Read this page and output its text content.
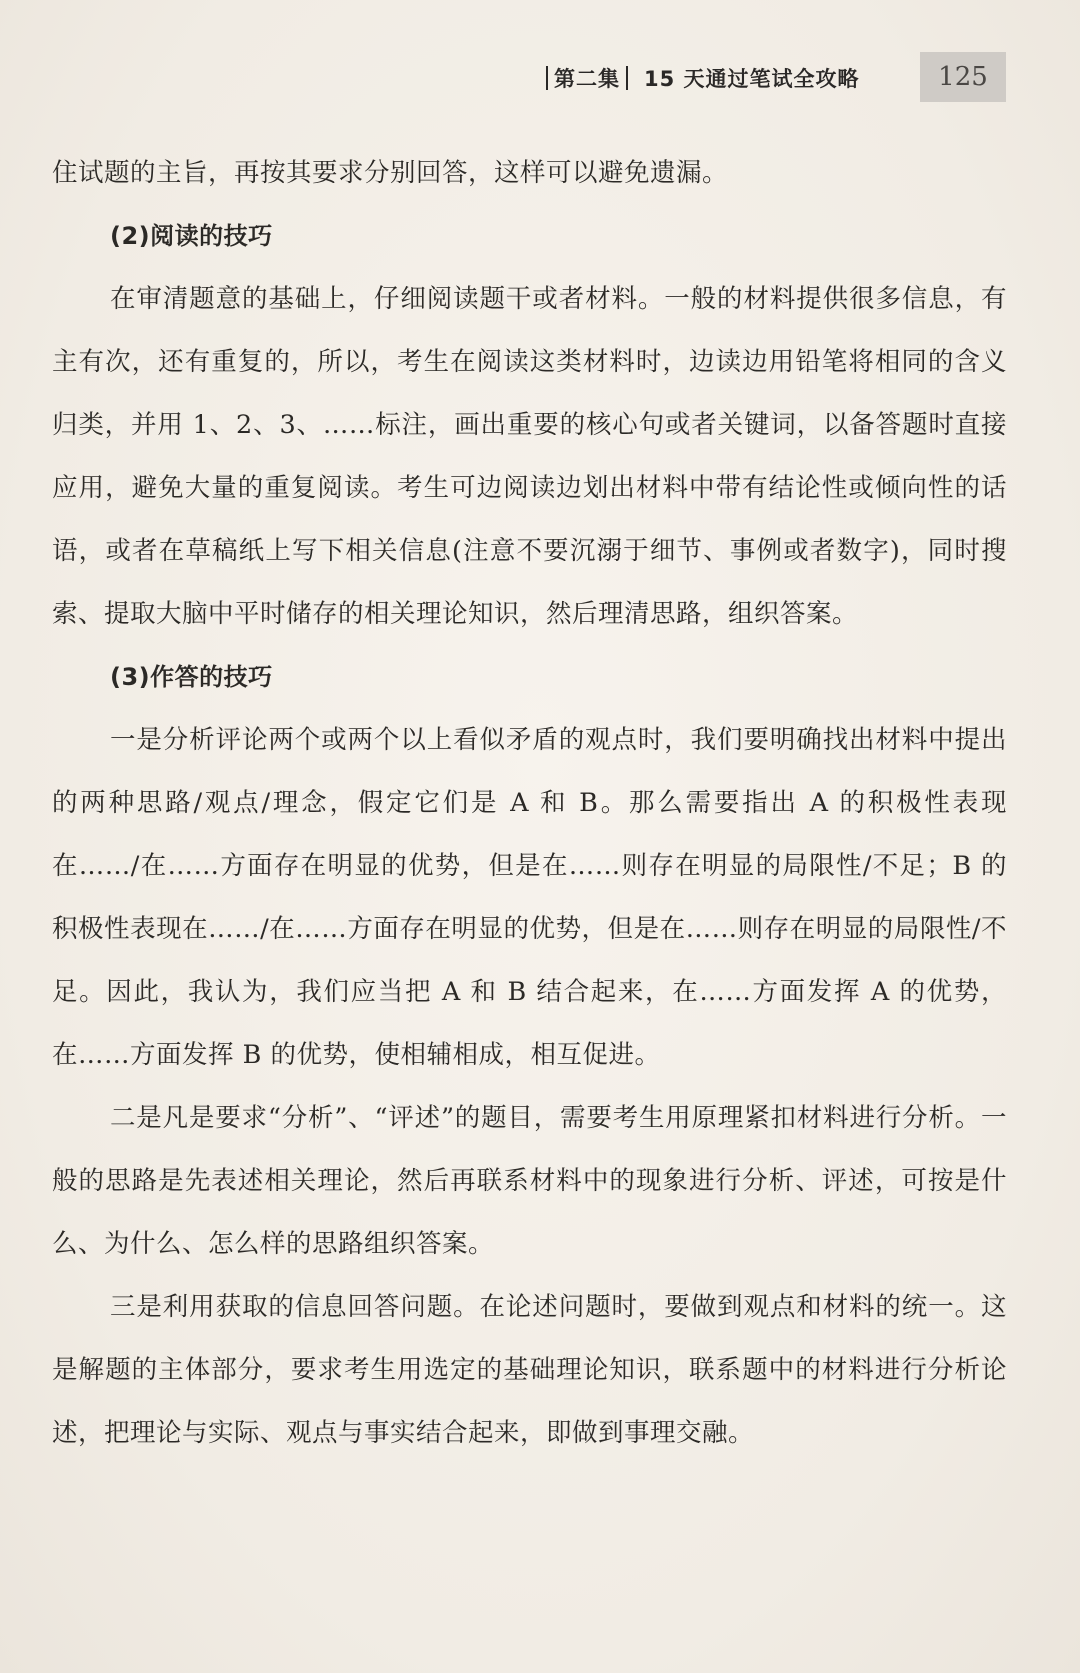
第二集 15 天通过笔试全攻略	125

住试题的主旨，再按其要求分别回答，这样可以避免遗漏。

(2)阅读的技巧

在审清题意的基础上，仔细阅读题干或者材料。一般的材料提供很多信息，有主有次，还有重复的，所以，考生在阅读这类材料时，边读边用铅笔将相同的含义归类，并用 1、2、3、……标注，画出重要的核心句或者关键词，以备答题时直接应用，避免大量的重复阅读。考生可边阅读边划出材料中带有结论性或倾向性的话语，或者在草稿纸上写下相关信息(注意不要沉溺于细节、事例或者数字)，同时搜索、提取大脑中平时储存的相关理论知识，然后理清思路，组织答案。

(3)作答的技巧

一是分析评论两个或两个以上看似矛盾的观点时，我们要明确找出材料中提出的两种思路/观点/理念，假定它们是 A 和 B。那么需要指出 A 的积极性表现在……/在……方面存在明显的优势，但是在……则存在明显的局限性/不足；B 的积极性表现在……/在……方面存在明显的优势，但是在……则存在明显的局限性/不足。因此，我认为，我们应当把 A 和 B 结合起来，在……方面发挥 A 的优势，在……方面发挥 B 的优势，使相辅相成，相互促进。

二是凡是要求“分析”、“评述”的题目，需要考生用原理紧扣材料进行分析。一般的思路是先表述相关理论，然后再联系材料中的现象进行分析、评述，可按是什么、为什么、怎么样的思路组织答案。

三是利用获取的信息回答问题。在论述问题时，要做到观点和材料的统一。这是解题的主体部分，要求考生用选定的基础理论知识，联系题中的材料进行分析论述，把理论与实际、观点与事实结合起来，即做到事理交融。
